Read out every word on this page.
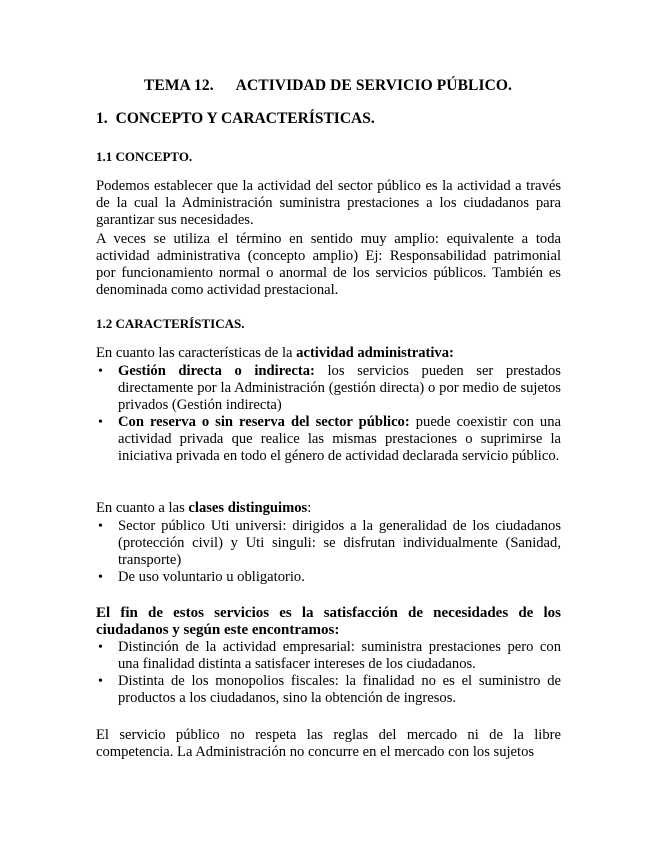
TEMA 12. ACTIVIDAD DE SERVICIO PÚBLICO.
1. CONCEPTO Y CARACTERÍSTICAS.
1.1 CONCEPTO.

Podemos establecer que la actividad del sector público es la actividad a través de la cual la Administración suministra prestaciones a los ciudadanos para garantizar sus necesidades.

A veces se utiliza el término en sentido muy amplio: equivalente a toda actividad administrativa (concepto amplio) Ej: Responsabilidad patrimonial por funcionamiento normal o anormal de los servicios públicos. También es denominada como actividad prestacional.

1.2 CARACTERÍSTICAS.
En cuanto las características de la actividad administrativa:
• Gestión directa o indirecta: los servicios pueden ser prestados directamente por la Administración (gestión directa) o por medio de sujetos privados (Gestión indirecta)
• Con reserva o sin reserva del sector público: puede coexistir con una actividad privada que realice las mismas prestaciones o suprimirse la iniciativa privada en todo el género de actividad declarada servicio público.
En cuanto a las clases distinguimos:
• Sector público Uti universi: dirigidos a la generalidad de los ciudadanos (protección civil) y Uti singuli: se disfrutan individualmente (Sanidad, transporte)
• De uso voluntario u obligatorio.

El fin de estos servicios es la satisfacción de necesidades de los ciudadanos y según este encontramos:

• Distinción de la actividad empresarial: suministra prestaciones pero con una finalidad distinta a satisfacer intereses de los ciudadanos.
• Distinta de los monopolios fiscales: la finalidad no es el suministro de productos a los ciudadanos, sino la obtención de ingresos.

El servicio público no respeta las reglas del mercado ni de la libre competencia. La Administración no concurre en el mercado con los sujetos
